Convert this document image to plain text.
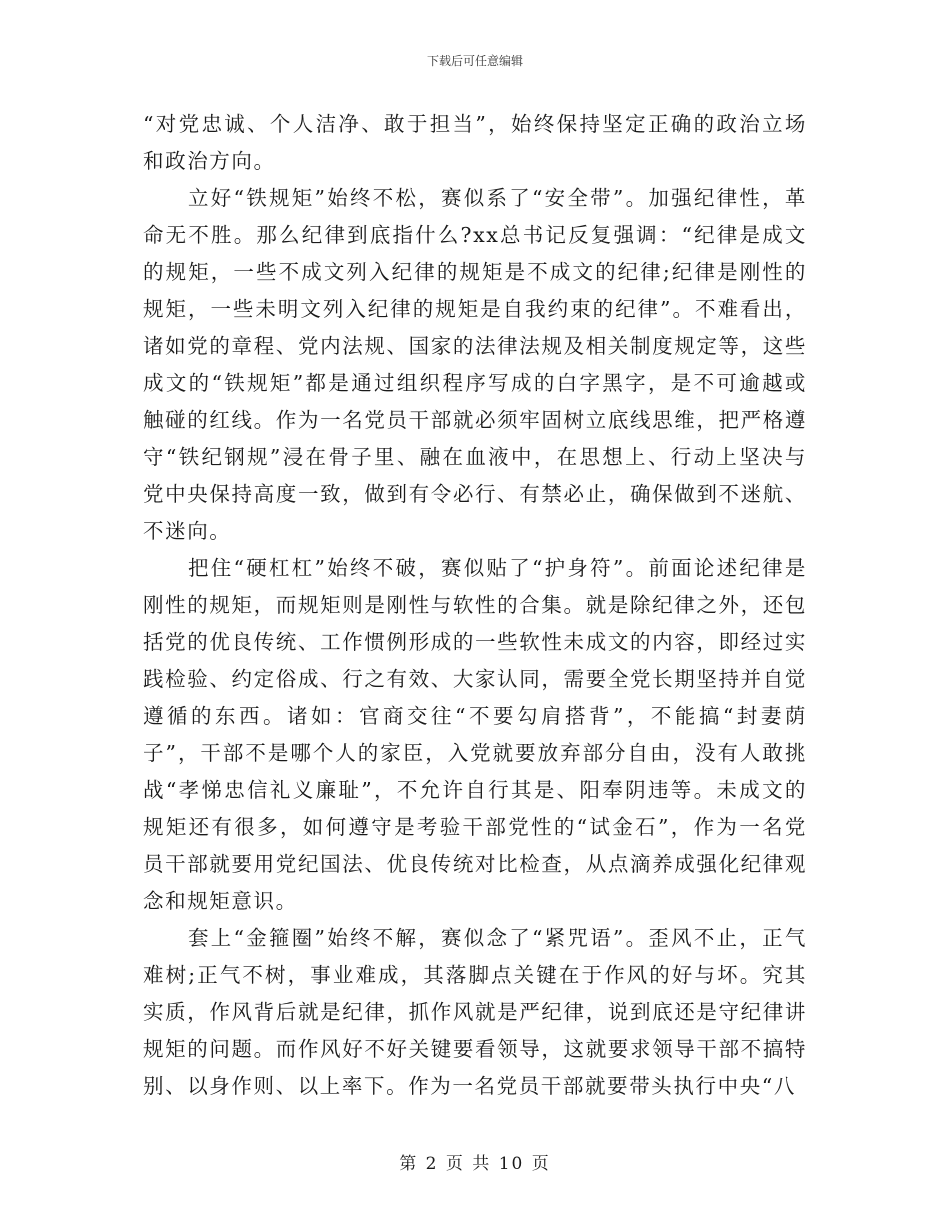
下载后可任意编辑

“对党忠诚、个人洁净、敢于担当”，始终保持坚定正确的政治立场和政治方向。

立好“铁规矩”始终不松，赛似系了“安全带”。加强纪律性，革命无不胜。那么纪律到底指什么?xx总书记反复强调：“纪律是成文的规矩，一些不成文列入纪律的规矩是不成文的纪律;纪律是刚性的规矩，一些未明文列入纪律的规矩是自我约束的纪律”。不难看出，诸如党的章程、党内法规、国家的法律法规及相关制度规定等，这些成文的“铁规矩”都是通过组织程序写成的白字黑字，是不可逾越或触碰的红线。作为一名党员干部就必须牢固树立底线思维，把严格遵守“铁纪钢规”浸在骨子里、融在血液中，在思想上、行动上坚决与党中央保持高度一致，做到有令必行、有禁必止，确保做到不迷航、不迷向。

把住“硬杠杠”始终不破，赛似贴了“护身符”。前面论述纪律是刚性的规矩，而规矩则是刚性与软性的合集。就是除纪律之外，还包括党的优良传统、工作惯例形成的一些软性未成文的内容，即经过实践检验、约定俗成、行之有效、大家认同，需要全党长期坚持并自觉遵循的东西。诸如：官商交往“不要勾肩搭背”，不能搞“封妻荫子”，干部不是哪个人的家臣，入党就要放弃部分自由，没有人敢挑战“孝悌忠信礼义廉耻”，不允许自行其是、阳奉阴违等。未成文的规矩还有很多，如何遵守是考验干部党性的“试金石”，作为一名党员干部就要用党纪国法、优良传统对比检查，从点滴养成强化纪律观念和规矩意识。

套上“金箍圈”始终不解，赛似念了“紧咒语”。歪风不止，正气难树;正气不树，事业难成，其落脚点关键在于作风的好与坏。究其实质，作风背后就是纪律，抓作风就是严纪律，说到底还是守纪律讲规矩的问题。而作风好不好关键要看领导，这就要求领导干部不搞特别、以身作则、以上率下。作为一名党员干部就要带头执行中央“八

第 2 页 共 10 页
